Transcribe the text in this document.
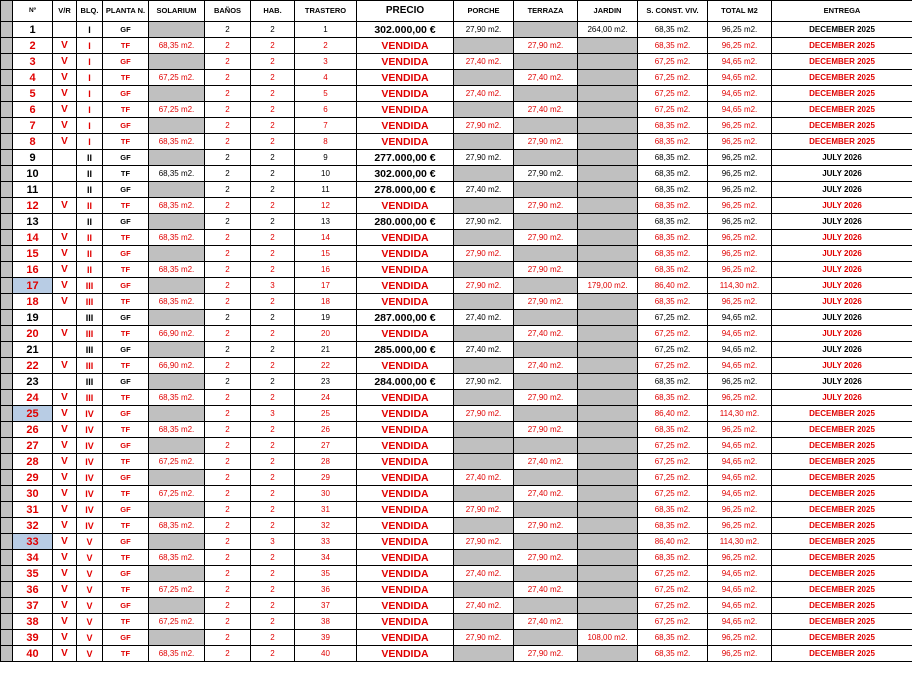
	Nº	V/R	BLQ.	PLANTA N.	SOLARIUM	BAÑOS	HAB.	TRASTERO	PRECIO	PORCHE	TERRAZA	JARDIN	S. CONST. VIV.	TOTAL M2	ENTREGA
	1		I	GF		2	2	1	302.000,00 €	27,90 m2.		264,00 m2.	68,35 m2.	96,25 m2.	DECEMBER 2025
	2	V	I	TF	68,35 m2.	2	2	2	VENDIDA		27,90 m2.		68,35 m2.	96,25 m2.	DECEMBER 2025
	3	V	I	GF		2	2	3	VENDIDA	27,40 m2.			67,25 m2.	94,65 m2.	DECEMBER 2025
	4	V	I	TF	67,25 m2.	2	2	4	VENDIDA		27,40 m2.		67,25 m2.	94,65 m2.	DECEMBER 2025
	5	V	I	GF		2	2	5	VENDIDA	27,40 m2.			67,25 m2.	94,65 m2.	DECEMBER 2025
	6	V	I	TF	67,25 m2.	2	2	6	VENDIDA		27,40 m2.		67,25 m2.	94,65 m2.	DECEMBER 2025
	7	V	I	GF		2	2	7	VENDIDA	27,90 m2.			68,35 m2.	96,25 m2.	DECEMBER 2025
	8	V	I	TF	68,35 m2.	2	2	8	VENDIDA		27,90 m2.		68,35 m2.	96,25 m2.	DECEMBER 2025
	9		II	GF		2	2	9	277.000,00 €	27,90 m2.			68,35 m2.	96,25 m2.	JULY 2026
	10		II	TF	68,35 m2.	2	2	10	302.000,00 €		27,90 m2.		68,35 m2.	96,25 m2.	JULY 2026
	11		II	GF		2	2	11	278.000,00 €	27,40 m2.			68,35 m2.	96,25 m2.	JULY 2026
	12	V	II	TF	68,35 m2.	2	2	12	VENDIDA		27,90 m2.		68,35 m2.	96,25 m2.	JULY 2026
	13		II	GF		2	2	13	280.000,00 €	27,90 m2.			68,35 m2.	96,25 m2.	JULY 2026
	14	V	II	TF	68,35 m2.	2	2	14	VENDIDA		27,90 m2.		68,35 m2.	96,25 m2.	JULY 2026
	15	V	II	GF		2	2	15	VENDIDA	27,90 m2.			68,35 m2.	96,25 m2.	JULY 2026
	16	V	II	TF	68,35 m2.	2	2	16	VENDIDA		27,90 m2.		68,35 m2.	96,25 m2.	JULY 2026
	17	V	III	GF		2	3	17	VENDIDA	27,90 m2.		179,00 m2.	86,40 m2.	114,30 m2.	JULY 2026
	18	V	III	TF	68,35 m2.	2	2	18	VENDIDA		27,90 m2.		68,35 m2.	96,25 m2.	JULY 2026
	19		III	GF		2	2	19	287.000,00 €	27,40 m2.			67,25 m2.	94,65 m2.	JULY 2026
	20	V	III	TF	66,90 m2.	2	2	20	VENDIDA		27,40 m2.		67,25 m2.	94,65 m2.	JULY 2026
	21		III	GF		2	2	21	285.000,00 €	27,40 m2.			67,25 m2.	94,65 m2.	JULY 2026
	22	V	III	TF	66,90 m2.	2	2	22	VENDIDA		27,40 m2.		67,25 m2.	94,65 m2.	JULY 2026
	23		III	GF		2	2	23	284.000,00 €	27,90 m2.			68,35 m2.	96,25 m2.	JULY 2026
	24	V	III	TF	68,35 m2.	2	2	24	VENDIDA		27,90 m2.		68,35 m2.	96,25 m2.	JULY 2026
	25	V	IV	GF		2	3	25	VENDIDA	27,90 m2.			86,40 m2.	114,30 m2.	DECEMBER 2025
	26	V	IV	TF	68,35 m2.	2	2	26	VENDIDA		27,90 m2.		68,35 m2.	96,25 m2.	DECEMBER 2025
	27	V	IV	GF		2	2	27	VENDIDA				67,25 m2.	94,65 m2.	DECEMBER 2025
	28	V	IV	TF	67,25 m2.	2	2	28	VENDIDA		27,40 m2.		67,25 m2.	94,65 m2.	DECEMBER 2025
	29	V	IV	GF		2	2	29	VENDIDA	27,40 m2.			67,25 m2.	94,65 m2.	DECEMBER 2025
	30	V	IV	TF	67,25 m2.	2	2	30	VENDIDA		27,40 m2.		67,25 m2.	94,65 m2.	DECEMBER 2025
	31	V	IV	GF		2	2	31	VENDIDA	27,90 m2.			68,35 m2.	96,25 m2.	DECEMBER 2025
	32	V	IV	TF	68,35 m2.	2	2	32	VENDIDA		27,90 m2.		68,35 m2.	96,25 m2.	DECEMBER 2025
	33	V	V	GF		2	3	33	VENDIDA	27,90 m2.			86,40 m2.	114,30 m2.	DECEMBER 2025
	34	V	V	TF	68,35 m2.	2	2	34	VENDIDA		27,90 m2.		68,35 m2.	96,25 m2.	DECEMBER 2025
	35	V	V	GF		2	2	35	VENDIDA	27,40 m2.			67,25 m2.	94,65 m2.	DECEMBER 2025
	36	V	V	TF	67,25 m2.	2	2	36	VENDIDA		27,40 m2.		67,25 m2.	94,65 m2.	DECEMBER 2025
	37	V	V	GF		2	2	37	VENDIDA	27,40 m2.			67,25 m2.	94,65 m2.	DECEMBER 2025
	38	V	V	TF	67,25 m2.	2	2	38	VENDIDA		27,40 m2.		67,25 m2.	94,65 m2.	DECEMBER 2025
	39	V	V	GF		2	2	39	VENDIDA	27,90 m2.		108,00 m2.	68,35 m2.	96,25 m2.	DECEMBER 2025
	40	V	V	TF	68,35 m2.	2	2	40	VENDIDA		27,90 m2.		68,35 m2.	96,25 m2.	DECEMBER 2025
